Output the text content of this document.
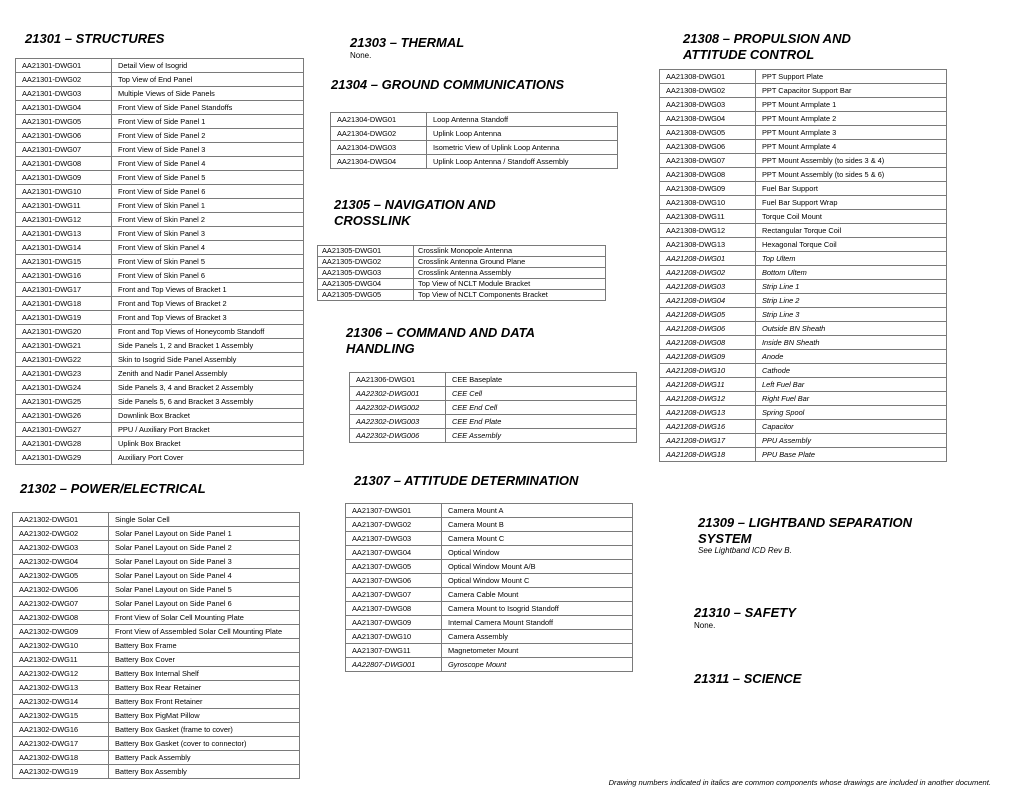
21301 – STRUCTURES
AA21301-DWG01	Detail View of Isogrid
AA21301-DWG02	Top View of End Panel
AA21301-DWG03	Multiple Views of Side Panels
AA21301-DWG04	Front View of Side Panel Standoffs
AA21301-DWG05	Front View of Side Panel 1
AA21301-DWG06	Front View of Side Panel 2
AA21301-DWG07	Front View of Side Panel 3
AA21301-DWG08	Front View of Side Panel 4
AA21301-DWG09	Front View of Side Panel 5
AA21301-DWG10	Front View of Side Panel 6
AA21301-DWG11	Front View of Skin Panel 1
AA21301-DWG12	Front View of Skin Panel 2
AA21301-DWG13	Front View of Skin Panel 3
AA21301-DWG14	Front View of Skin Panel 4
AA21301-DWG15	Front View of Skin Panel 5
AA21301-DWG16	Front View of Skin Panel 6
AA21301-DWG17	Front and Top Views of Bracket 1
AA21301-DWG18	Front and Top Views of Bracket 2
AA21301-DWG19	Front and Top Views of Bracket 3
AA21301-DWG20	Front and Top Views of Honeycomb Standoff
AA21301-DWG21	Side Panels 1, 2 and Bracket 1 Assembly
AA21301-DWG22	Skin to Isogrid Side Panel Assembly
AA21301-DWG23	Zenith and Nadir Panel Assembly
AA21301-DWG24	Side Panels 3, 4 and Bracket 2 Assembly
AA21301-DWG25	Side Panels 5, 6 and Bracket 3 Assembly
AA21301-DWG26	Downlink Box Bracket
AA21301-DWG27	PPU / Auxiliary Port Bracket
AA21301-DWG28	Uplink Box Bracket
AA21301-DWG29	Auxiliary Port Cover
21302 – POWER/ELECTRICAL
AA21302-DWG01	Single Solar Cell
AA21302-DWG02	Solar Panel Layout on Side Panel 1
AA21302-DWG03	Solar Panel Layout on Side Panel 2
AA21302-DWG04	Solar Panel Layout on Side Panel 3
AA21302-DWG05	Solar Panel Layout on Side Panel 4
AA21302-DWG06	Solar Panel Layout on Side Panel 5
AA21302-DWG07	Solar Panel Layout on Side Panel 6
AA21302-DWG08	Front View of Solar Cell Mounting Plate
AA21302-DWG09	Front View of Assembled Solar Cell Mounting Plate
AA21302-DWG10	Battery Box Frame
AA21302-DWG11	Battery Box Cover
AA21302-DWG12	Battery Box Internal Shelf
AA21302-DWG13	Battery Box Rear Retainer
AA21302-DWG14	Battery Box Front Retainer
AA21302-DWG15	Battery Box PigMat Pillow
AA21302-DWG16	Battery Box Gasket (frame to cover)
AA21302-DWG17	Battery Box Gasket (cover to connector)
AA21302-DWG18	Battery Pack Assembly
AA21302-DWG19	Battery Box Assembly
21303 – THERMAL

None.

21304 – GROUND COMMUNICATIONS
AA21304-DWG01	Loop Antenna Standoff
AA21304-DWG02	Uplink Loop Antenna
AA21304-DWG03	Isometric View of Uplink Loop Antenna
AA21304-DWG04	Uplink Loop Antenna / Standoff Assembly
21305 – NAVIGATION AND
CROSSLINK
AA21305-DWG01	Crosslink Monopole Antenna
AA21305-DWG02	Crosslink Antenna Ground Plane
AA21305-DWG03	Crosslink Antenna Assembly
AA21305-DWG04	Top View of NCLT Module Bracket
AA21305-DWG05	Top View of NCLT Components Bracket
21306 – COMMAND AND DATA
HANDLING
AA21306-DWG01	CEE Baseplate
AA22302-DWG001	CEE Cell
AA22302-DWG002	CEE End Cell
AA22302-DWG003	CEE End Plate
AA22302-DWG006	CEE Assembly
21307 – ATTITUDE DETERMINATION
AA21307-DWG01	Camera Mount A
AA21307-DWG02	Camera Mount B
AA21307-DWG03	Camera Mount C
AA21307-DWG04	Optical Window
AA21307-DWG05	Optical Window Mount A/B
AA21307-DWG06	Optical Window Mount C
AA21307-DWG07	Camera Cable Mount
AA21307-DWG08	Camera Mount to Isogrid Standoff
AA21307-DWG09	Internal Camera Mount Standoff
AA21307-DWG10	Camera Assembly
AA21307-DWG11	Magnetometer Mount
AA22807-DWG001	Gyroscope Mount
21308 – PROPULSION AND
ATTITUDE CONTROL
AA21308-DWG01	PPT Support Plate
AA21308-DWG02	PPT Capacitor Support Bar
AA21308-DWG03	PPT Mount Armplate 1
AA21308-DWG04	PPT Mount Armplate 2
AA21308-DWG05	PPT Mount Armplate 3
AA21308-DWG06	PPT Mount Armplate 4
AA21308-DWG07	PPT Mount Assembly (to sides 3 & 4)
AA21308-DWG08	PPT Mount Assembly (to sides 5 & 6)
AA21308-DWG09	Fuel Bar Support
AA21308-DWG10	Fuel Bar Support Wrap
AA21308-DWG11	Torque Coil Mount
AA21308-DWG12	Rectangular Torque Coil
AA21308-DWG13	Hexagonal Torque Coil
AA21208-DWG01	Top Ultem
AA21208-DWG02	Bottom Ultem
AA21208-DWG03	Strip Line 1
AA21208-DWG04	Strip Line 2
AA21208-DWG05	Strip Line 3
AA21208-DWG06	Outside BN Sheath
AA21208-DWG08	Inside BN Sheath
AA21208-DWG09	Anode
AA21208-DWG10	Cathode
AA21208-DWG11	Left Fuel Bar
AA21208-DWG12	Right Fuel Bar
AA21208-DWG13	Spring Spool
AA21208-DWG16	Capacitor
AA21208-DWG17	PPU Assembly
AA21208-DWG18	PPU Base Plate
21309 – LIGHTBAND SEPARATION
SYSTEM

See Lightband ICD Rev B.

21310 – SAFETY

None.

21311 – SCIENCE
Drawing numbers indicated in italics are common components whose drawings are included in another document.
